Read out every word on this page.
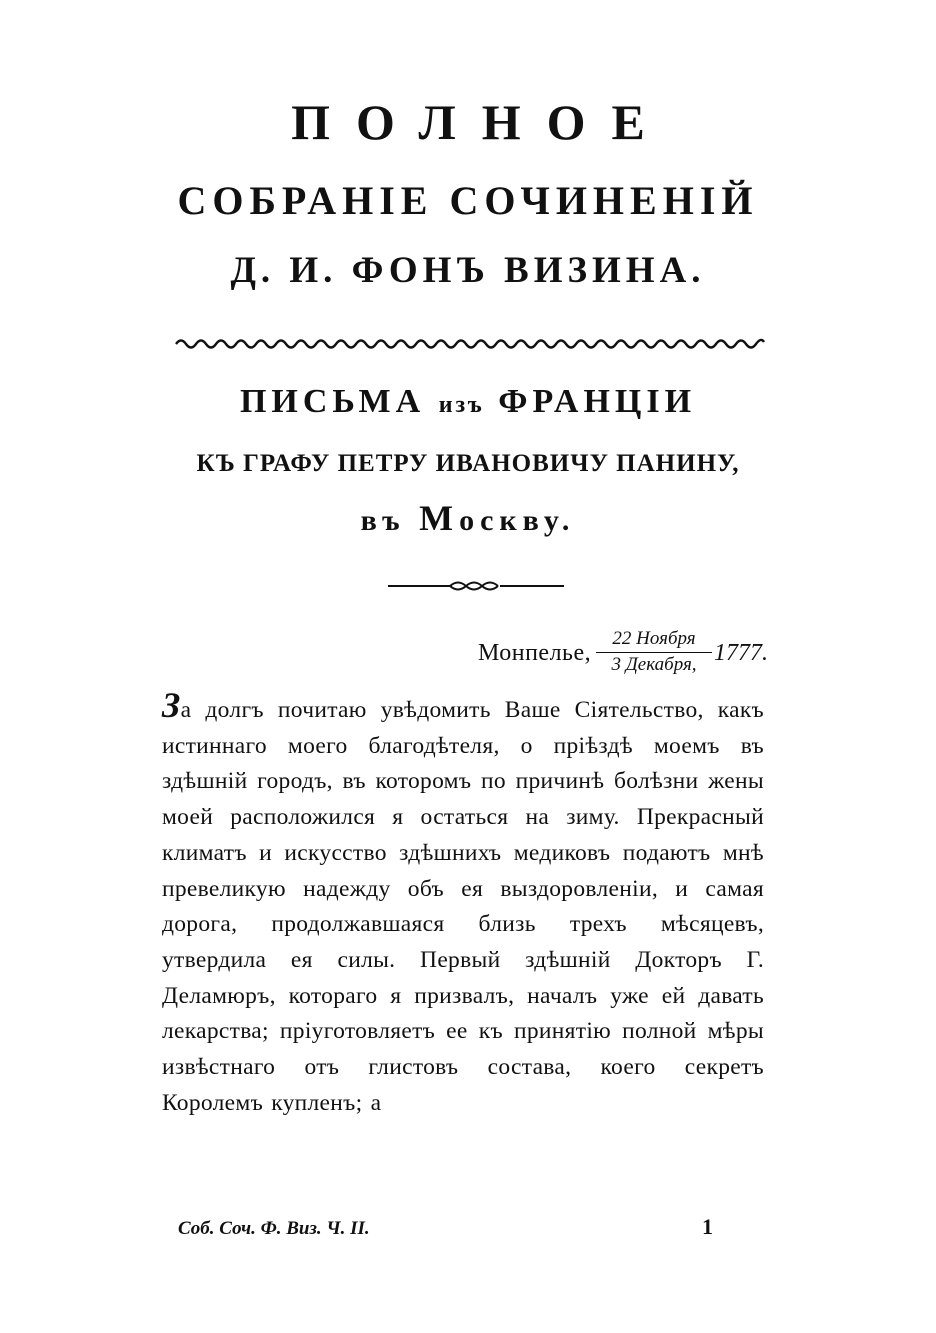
ПОЛНОЕ
СОБРАНІЕ СОЧИНЕНІЙ
Д. И. ФОНЪ ВИЗИНА.
ПИСЬМА изъ ФРАНЦІИ
КЪ ГРАФУ ПЕТРУ ИВАНОВИЧУ ПАНИНУ,
въ Москву.
Монпелье,
22 Ноября
3 Декабря, 1777.
За долгъ почитаю увѣдомить Ваше Сіятельство, какъ истиннаго моего благодѣтеля, о пріѣздѣ моемъ въ здѣшній городъ, въ которомъ по причинѣ болѣзни жены моей расположился я остаться на зиму. Прекрасный климатъ и искусство здѣшнихъ медиковъ подаютъ мнѣ превеликую надежду объ ея выздоровленіи, и самая дорога, продолжавшаяся близь трехъ мѣсяцевъ, утвердила ея силы. Первый здѣшній Докторъ Г. Деламюръ, котораго я призвалъ, началъ уже ей давать лекарства; пріуготовляетъ ее къ принятію полной мѣры извѣстнаго отъ глистовъ состава, коего секретъ Королемъ купленъ; а
Соб. Соч. Ф. Виз. Ч. II.	1
